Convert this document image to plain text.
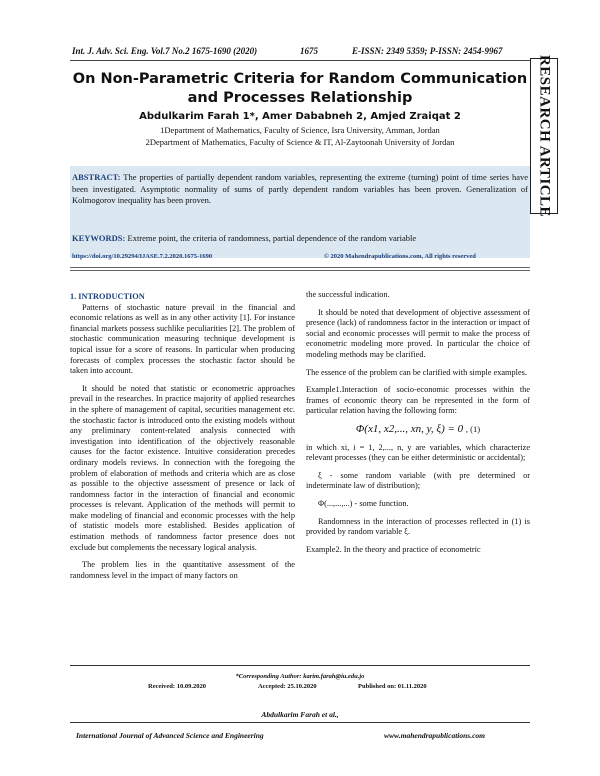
Int. J. Adv. Sci. Eng. Vol.7 No.2 1675-1690 (2020)	1675	E-ISSN: 2349 5359; P-ISSN: 2454-9967
RESEARCH ARTICLE
On Non-Parametric Criteria for Random Communication and Processes Relationship
Abdulkarim Farah 1*, Amer Dababneh 2, Amjed Zraiqat 2
1Department of Mathematics, Faculty of Science, Isra University, Amman, Jordan
2Department of Mathematics, Faculty of Science & IT, Al-Zaytoonah University of Jordan
ABSTRACT: The properties of partially dependent random variables, representing the extreme (turning) point of time series have been investigated. Asymptotic normality of sums of partly dependent random variables has been proven. Generalization of Kolmogorov inequality has been proven.
KEYWORDS: Extreme point, the criteria of randomness, partial dependence of the random variable
https://doi.org/10.29294/IJASE.7.2.2020.1675-1690	© 2020 Mahendrapublications.com, All rights reserved
1. INTRODUCTION

Patterns of stochastic nature prevail in the financial and economic relations as well as in any other activity [1]. For instance financial markets possess suchlike peculiarities [2]. The problem of stochastic communication measuring technique development is topical issue for a score of reasons. In particular when producing forecasts of complex processes the stochastic factor should be taken into account.

It should be noted that statistic or econometric approaches prevail in the researches. In practice majority of applied researches in the sphere of management of capital, securities management etc. the stochastic factor is introduced onto the existing models without any preliminary content-related analysis connected with investigation into identification of the objectively reasonable causes for the factor existence. Intuitive consideration precedes ordinary models reviews. In connection with the foregoing the problem of elaboration of methods and criteria which are as close as possible to the objective assessment of presence or lack of randomness factor in the interaction of financial and economic processes is relevant. Application of the methods will permit to make modeling of financial and economic processes with the help of statistic models more established. Besides application of estimation methods of randomness factor presence does not exclude but complements the necessary logical analysis.

The problem lies in the quantitative assessment of the randomness level in the impact of many factors on

the successful indication.

It should be noted that development of objective assessment of presence (lack) of randomness factor in the interaction or impact of social and economic processes will permit to make the process of econometric modeling more proved. In particular the choice of modeling methods may be clarified.

The essence of the problem can be clarified with simple examples.

Example1.Interaction of socio-economic processes within the frames of economic theory can be represented in the form of particular relation having the following form:

Φ(x1, x2,..., xn, y, ξ) = 0 , (1)

in which xi, i = 1, 2,..., n, y are variables, which characterize relevant processes (they can be either deterministic or accidental);

ξ - some random variable (with pre determined or indeterminate law of distribution);

Φ(...,...,...) - some function.

Randomness in the interaction of processes reflected in (1) is provided by random variable ξ.

Example2. In the theory and practice of econometric

*Corresponding Author: karim.farah@iu.edu.jo
Received: 10.09.2020	Accepted: 25.10.2020	Published on: 01.11.2020
Abdulkarim Farah et al.,
International Journal of Advanced Science and Engineering	www.mahendrapublications.com
